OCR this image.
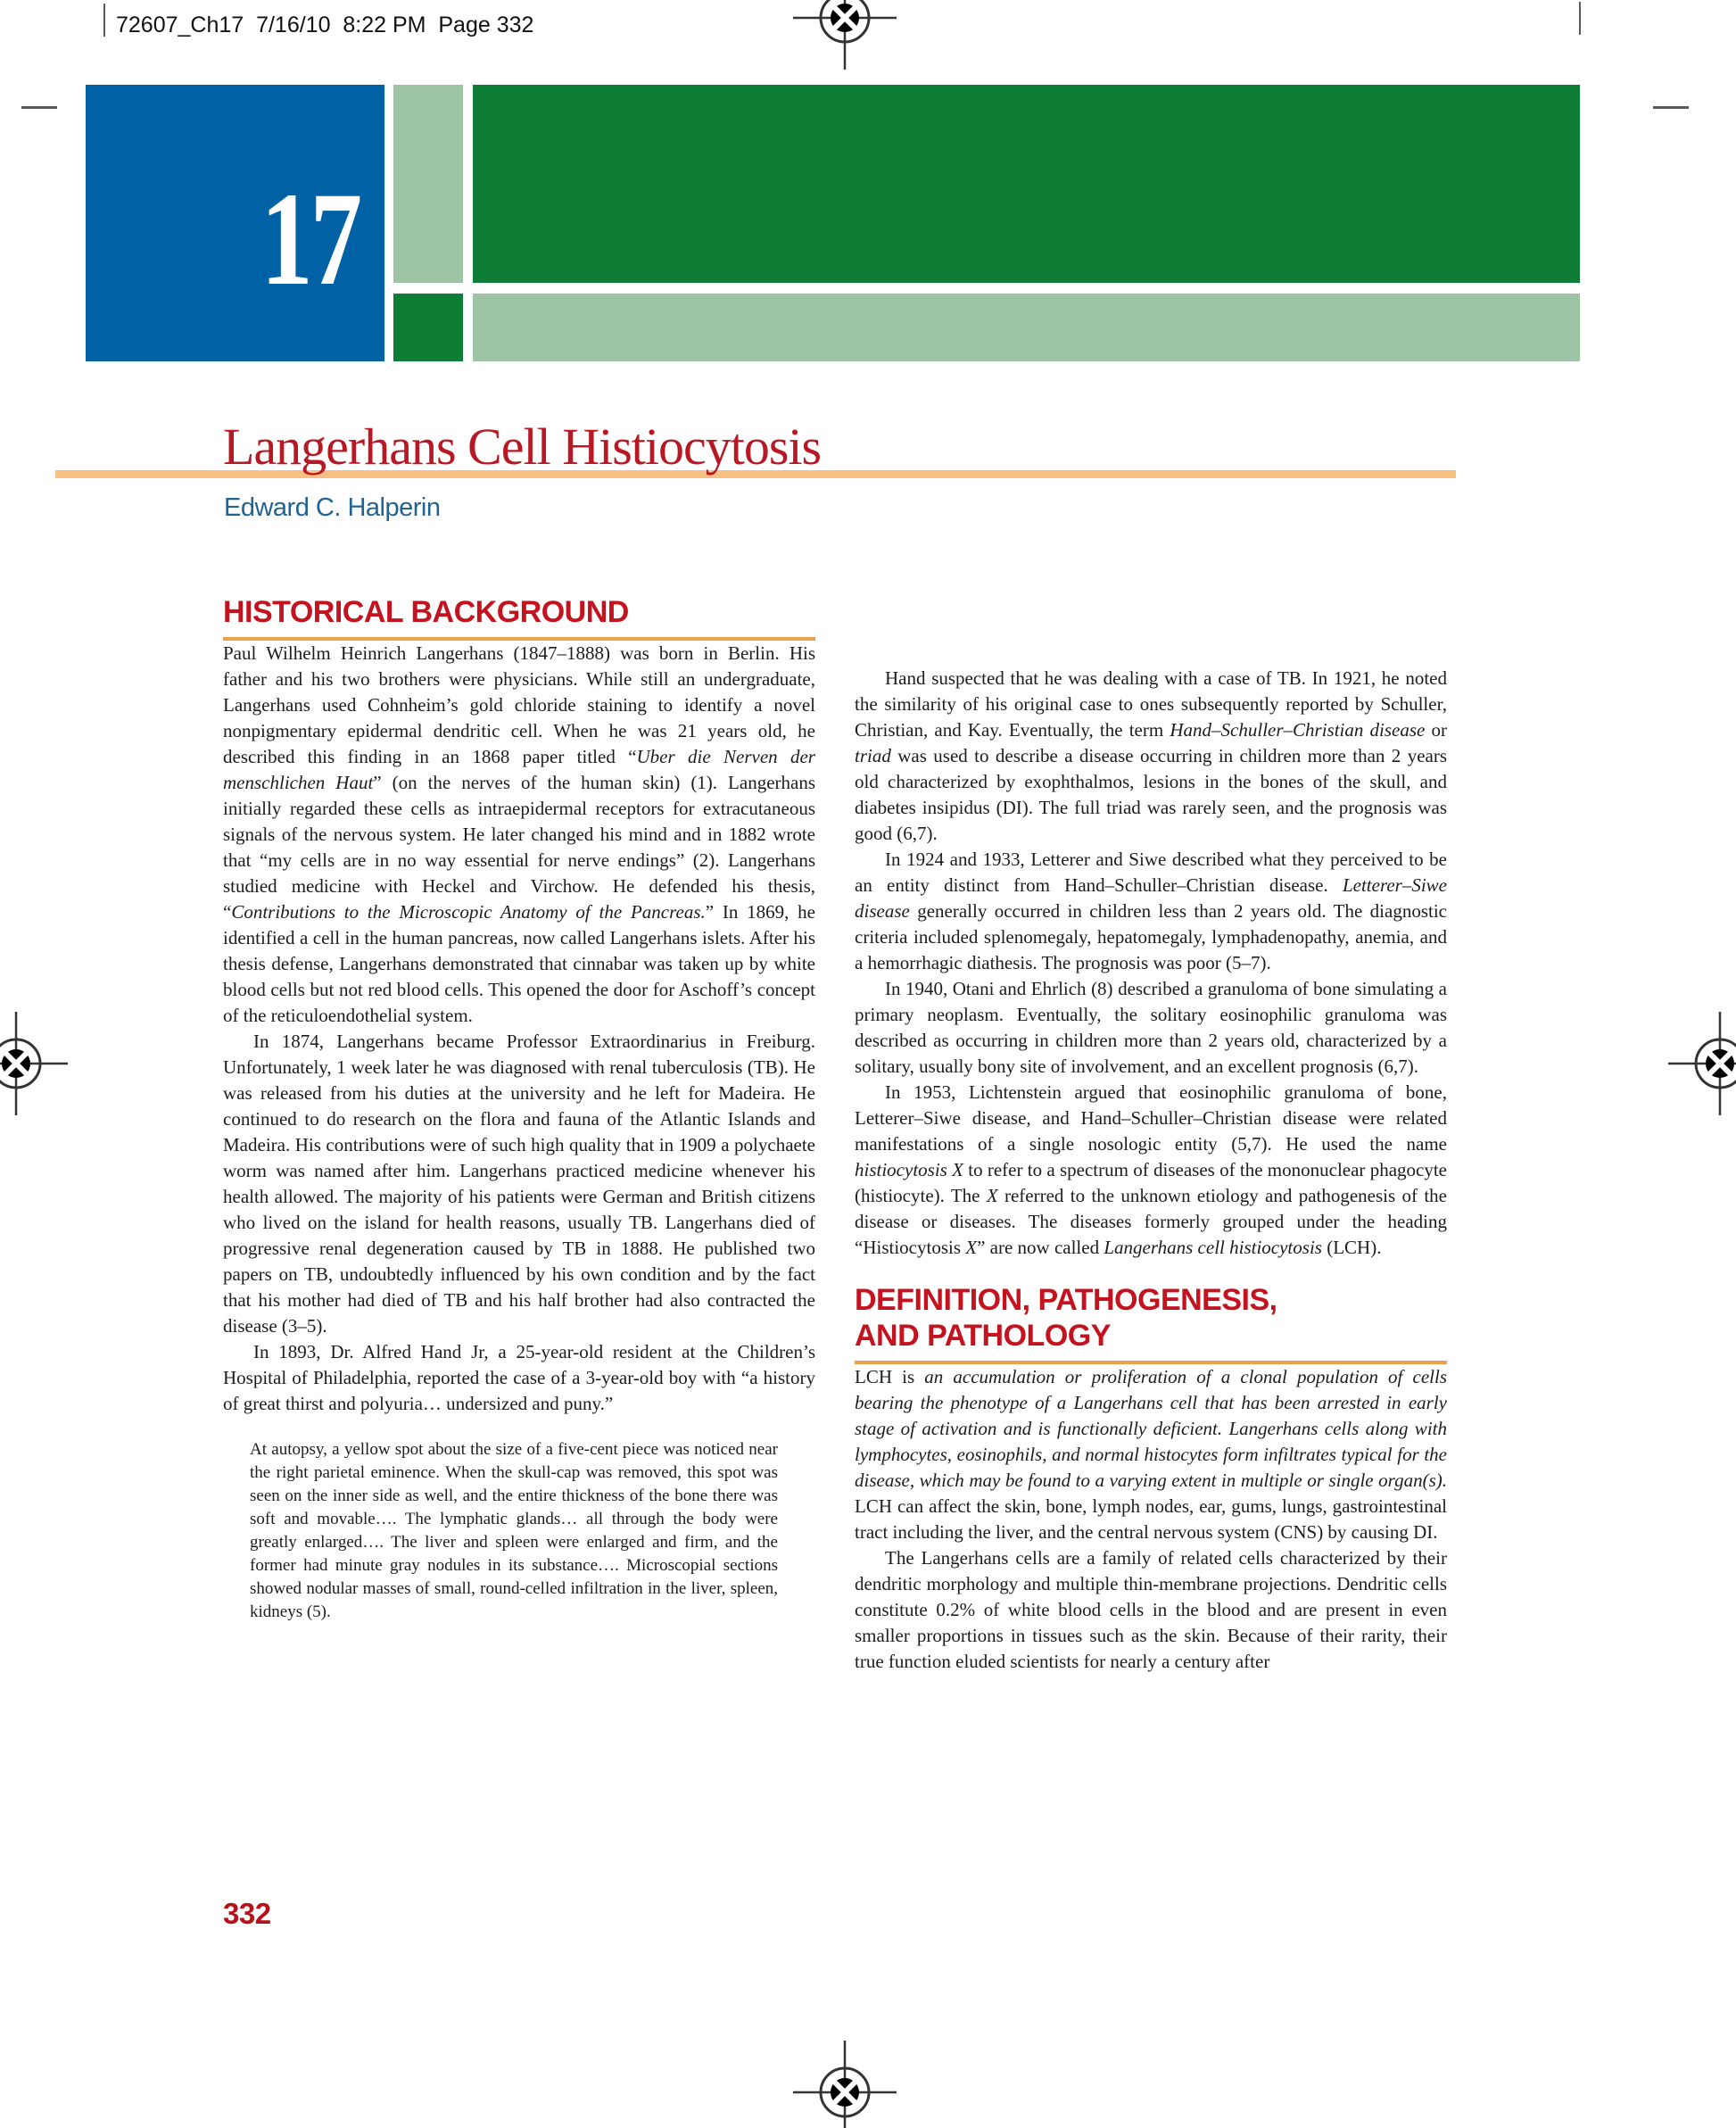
72607_Ch17  7/16/10  8:22 PM  Page 332
17
Langerhans Cell Histiocytosis
Edward C. Halperin
HISTORICAL BACKGROUND

Paul Wilhelm Heinrich Langerhans (1847–1888) was born in Berlin. His father and his two brothers were physicians. While still an undergraduate, Langerhans used Cohnheim’s gold chloride staining to identify a novel nonpigmentary epidermal dendritic cell. When he was 21 years old, he described this finding in an 1868 paper titled “Uber die Nerven der menschlichen Haut” (on the nerves of the human skin) (1). Langerhans initially regarded these cells as intraepidermal receptors for extracutaneous signals of the nervous system. He later changed his mind and in 1882 wrote that “my cells are in no way essential for nerve endings” (2). Langerhans studied medicine with Heckel and Virchow. He defended his thesis, “Contributions to the Microscopic Anatomy of the Pancreas.” In 1869, he identified a cell in the human pancreas, now called Langerhans islets. After his thesis defense, Langerhans demonstrated that cinnabar was taken up by white blood cells but not red blood cells. This opened the door for Aschoff’s concept of the reticuloendothelial system.

In 1874, Langerhans became Professor Extraordinarius in Freiburg. Unfortunately, 1 week later he was diagnosed with renal tuberculosis (TB). He was released from his duties at the university and he left for Madeira. He continued to do research on the flora and fauna of the Atlantic Islands and Madeira. His contributions were of such high quality that in 1909 a polychaete worm was named after him. Langerhans practiced medicine whenever his health allowed. The majority of his patients were German and British citizens who lived on the island for health reasons, usually TB. Langerhans died of progressive renal degeneration caused by TB in 1888. He published two papers on TB, undoubtedly influenced by his own condition and by the fact that his mother had died of TB and his half brother had also contracted the disease (3–5).

In 1893, Dr. Alfred Hand Jr, a 25-year-old resident at the Children’s Hospital of Philadelphia, reported the case of a 3-year-old boy with “a history of great thirst and polyuria… undersized and puny.”

At autopsy, a yellow spot about the size of a five-cent piece was noticed near the right parietal eminence. When the skull-cap was removed, this spot was seen on the inner side as well, and the entire thickness of the bone there was soft and movable…. The lymphatic glands… all through the body were greatly enlarged…. The liver and spleen were enlarged and firm, and the former had minute gray nodules in its substance…. Microscopial sections showed nodular masses of small, round-celled infiltration in the liver, spleen, kidneys (5).

Hand suspected that he was dealing with a case of TB. In 1921, he noted the similarity of his original case to ones subsequently reported by Schuller, Christian, and Kay. Eventually, the term Hand–Schuller–Christian disease or triad was used to describe a disease occurring in children more than 2 years old characterized by exophthalmos, lesions in the bones of the skull, and diabetes insipidus (DI). The full triad was rarely seen, and the prognosis was good (6,7).

In 1924 and 1933, Letterer and Siwe described what they perceived to be an entity distinct from Hand–Schuller–Christian disease. Letterer–Siwe disease generally occurred in children less than 2 years old. The diagnostic criteria included splenomegaly, hepatomegaly, lymphadenopathy, anemia, and a hemorrhagic diathesis. The prognosis was poor (5–7).

In 1940, Otani and Ehrlich (8) described a granuloma of bone simulating a primary neoplasm. Eventually, the solitary eosinophilic granuloma was described as occurring in children more than 2 years old, characterized by a solitary, usually bony site of involvement, and an excellent prognosis (6,7).

In 1953, Lichtenstein argued that eosinophilic granuloma of bone, Letterer–Siwe disease, and Hand–Schuller–Christian disease were related manifestations of a single nosologic entity (5,7). He used the name histiocytosis X to refer to a spectrum of diseases of the mononuclear phagocyte (histiocyte). The X referred to the unknown etiology and pathogenesis of the disease or diseases. The diseases formerly grouped under the heading “Histiocytosis X” are now called Langerhans cell histiocytosis (LCH).

DEFINITION, PATHOGENESIS,
AND PATHOLOGY

LCH is an accumulation or proliferation of a clonal population of cells bearing the phenotype of a Langerhans cell that has been arrested in early stage of activation and is functionally deficient. Langerhans cells along with lymphocytes, eosinophils, and normal histocytes form infiltrates typical for the disease, which may be found to a varying extent in multiple or single organ(s). LCH can affect the skin, bone, lymph nodes, ear, gums, lungs, gastrointestinal tract including the liver, and the central nervous system (CNS) by causing DI.

The Langerhans cells are a family of related cells characterized by their dendritic morphology and multiple thin-membrane projections. Dendritic cells constitute 0.2% of white blood cells in the blood and are present in even smaller proportions in tissues such as the skin. Because of their rarity, their true function eluded scientists for nearly a century after

332
